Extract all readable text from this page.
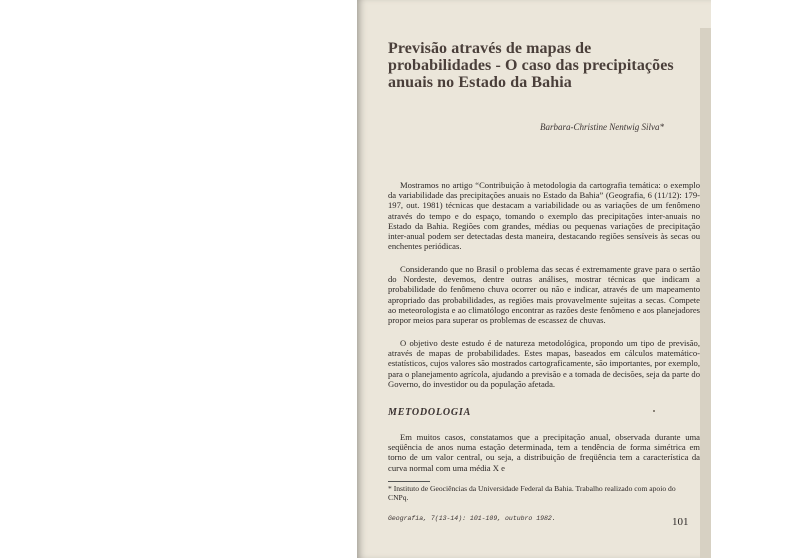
Previsão através de mapas de probabilidades - O caso das precipitações anuais no Estado da Bahia
Barbara-Christine Nentwig Silva*

Mostramos no artigo “Contribuição à metodologia da cartografia temática: o exemplo da variabilidade das precipitações anuais no Estado da Bahia” (Geografia, 6 (11/12): 179-197, out. 1981) técnicas que destacam a variabilidade ou as variações de um fenômeno através do tempo e do espaço, tomando o exemplo das precipitações inter-anuais no Estado da Bahia. Regiões com grandes, médias ou pequenas variações de precipitação inter-anual podem ser detectadas desta maneira, destacando regiões sensíveis às secas ou enchentes periódicas.

Considerando que no Brasil o problema das secas é extremamente grave para o sertão do Nordeste, devemos, dentre outras análises, mostrar técnicas que indicam a probabilidade do fenômeno chuva ocorrer ou não e indicar, através de um mapeamento apropriado das probabilidades, as regiões mais provavelmente sujeitas a secas. Compete ao meteorologista e ao climatólogo encontrar as razões deste fenômeno e aos planejadores propor meios para superar os problemas de escassez de chuvas.

O objetivo deste estudo é de natureza metodológica, propondo um tipo de previsão, através de mapas de probabilidades. Estes mapas, baseados em cálculos matemático-estatísticos, cujos valores são mostrados cartograficamente, são importantes, por exemplo, para o planejamento agrícola, ajudando a previsão e a tomada de decisões, seja da parte do Governo, do investidor ou da população afetada.

METODOLOGIA

Em muitos casos, constatamos que a precipitação anual, observada durante uma seqüência de anos numa estação determinada, tem a tendência de forma simétrica em torno de um valor central, ou seja, a distribuição de freqüência tem a característica da curva normal com uma média X e

* Instituto de Geociências da Universidade Federal da Bahia. Trabalho realizado com apoio do CNPq.

Geografia, 7(13-14): 101-109, outubro 1982.	101
